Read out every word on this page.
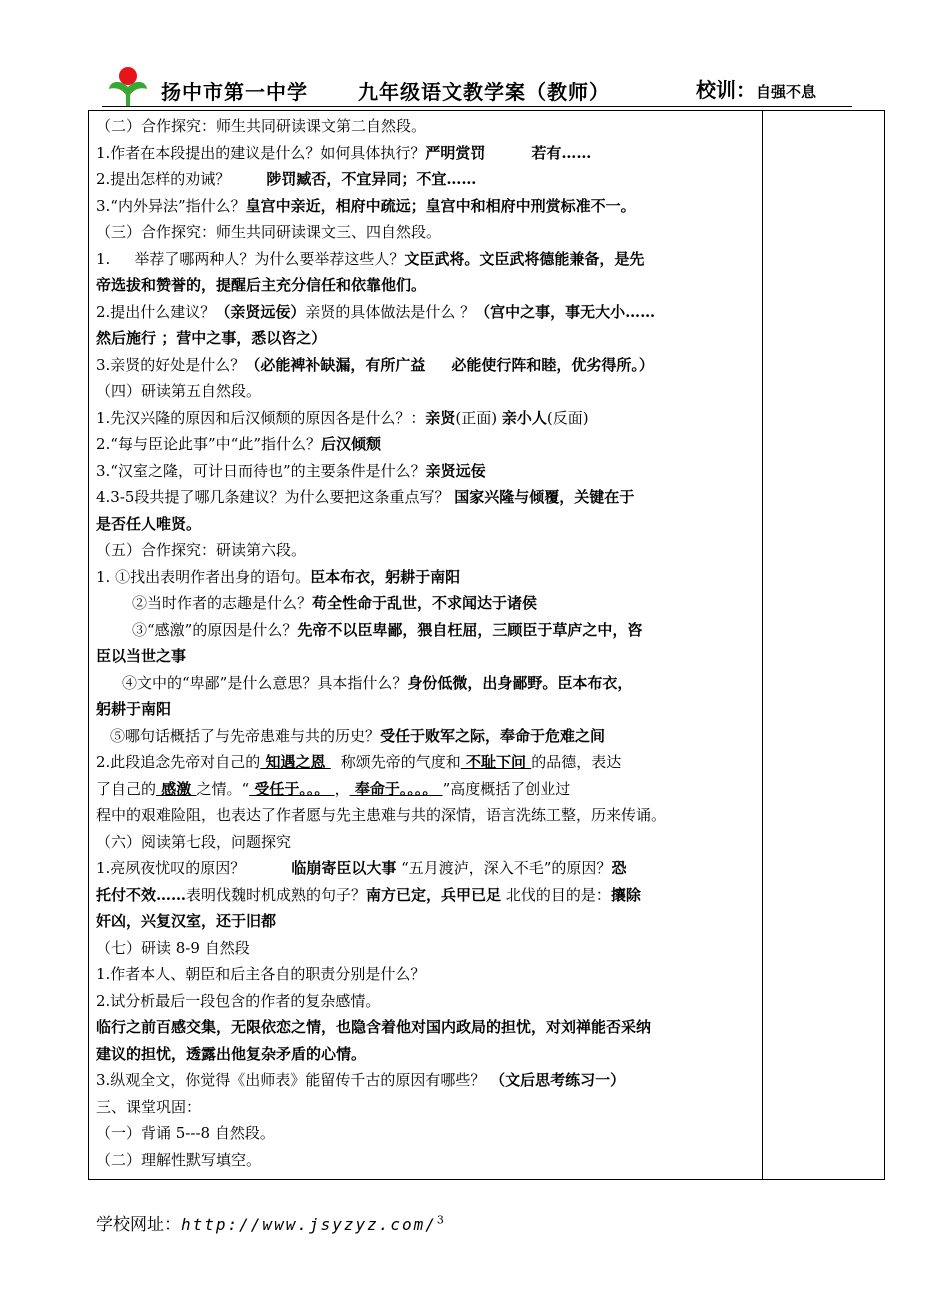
扬中市第一中学	九年级语文教学案（教师）	校训：自强不息
（二）合作探究：师生共同研读课文第二自然段。
1.作者在本段提出的建议是什么？如何具体执行？严明赏罚	若有……
2.提出怎样的劝诫？ 陟罚臧否，不宜异同；不宜……
3.“内外异法”指什么？皇宫中亲近，相府中疏远；皇宫中和相府中刑赏标准不一。
（三）合作探究：师生共同研读课文三、四自然段。
1. 举荐了哪两种人？为什么要举荐这些人？文臣武将。文臣武将德能兼备，是先
帝选拔和赞誉的，提醒后主充分信任和依靠他们。
2.提出什么建议？（亲贤远佞）亲贤的具体做法是什么 ？（宫中之事，事无大小……
然后施行 ；营中之事，悉以咨之）
3.亲贤的好处是什么？（必能裨补缺漏，有所广益 必能使行阵和睦，优劣得所。）
（四）研读第五自然段。
1.先汉兴隆的原因和后汉倾颓的原因各是什么？：亲贤(正面) 亲小人(反面)
2.“每与臣论此事”中“此”指什么？后汉倾颓
3.“汉室之隆，可计日而待也”的主要条件是什么？亲贤远佞
4.3-5段共提了哪几条建议？为什么要把这条重点写？ 国家兴隆与倾覆，关键在于
是否任人唯贤。
（五）合作探究：研读第六段。
1. ①找出表明作者出身的语句。臣本布衣，躬耕于南阳
②当时作者的志趣是什么？苟全性命于乱世，不求闻达于诸侯
③“感激”的原因是什么？先帝不以臣卑鄙，猥自枉屈，三顾臣于草庐之中，咨
臣以当世之事
④文中的“卑鄙”是什么意思？具本指什么？身份低微，出身鄙野。臣本布衣，
躬耕于南阳
⑤哪句话概括了与先帝患难与共的历史？受任于败军之际，奉命于危难之间
2.此段追念先帝对自己的 知遇之恩 称颂先帝的气度和 不耻下问 的品德，表达
了自己的 感激 之情。“ 受任于。。。 ， 奉命于。。。。 ”高度概括了创业过
程中的艰难险阻，也表达了作者愿与先主患难与共的深情，语言洗练工整，历来传诵。
（六）阅读第七段，问题探究
1.亮夙夜忧叹的原因？	临崩寄臣以大事 “五月渡泸，深入不毛”的原因？恐
托付不效……表明伐魏时机成熟的句子？南方已定，兵甲已足 北伐的目的是：攘除
奸凶，兴复汉室，还于旧都
（七）研读 8-9 自然段
1.作者本人、朝臣和后主各自的职责分别是什么？
2.试分析最后一段包含的作者的复杂感情。
临行之前百感交集，无限依恋之情，也隐含着他对国内政局的担忧，对刘禅能否采纳
建议的担忧，透露出他复杂矛盾的心情。
3.纵观全文，你觉得《出师表》能留传千古的原因有哪些？ （文后思考练习一）
三、课堂巩固：
（一）背诵 5---8 自然段。
（二）理解性默写填空。
学校网址：http://www.jsyzyz.com/$^3$
